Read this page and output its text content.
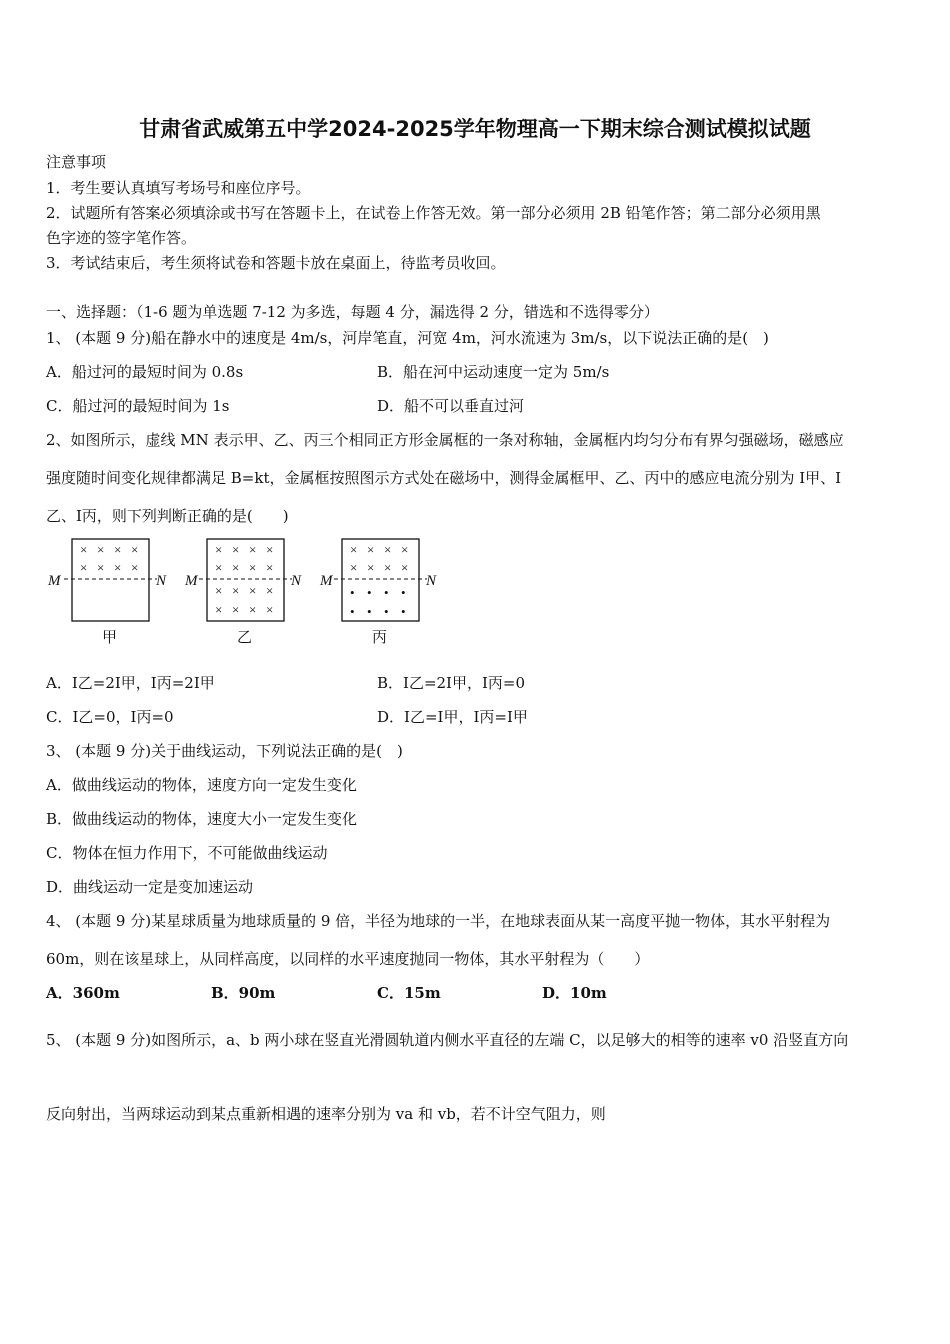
甘肃省武威第五中学2024-2025学年物理高一下期末综合测试模拟试题
注意事项
1．考生要认真填写考场号和座位序号。
2．试题所有答案必须填涂或书写在答题卡上，在试卷上作答无效。第一部分必须用 2B 铅笔作答；第二部分必须用黑
色字迹的签字笔作答。
3．考试结束后，考生须将试卷和答题卡放在桌面上，待监考员收回。
一、选择题：（1-6 题为单选题 7-12 为多选，每题 4 分，漏选得 2 分，错选和不选得零分）
1、 (本题 9 分)船在静水中的速度是 4m/s，河岸笔直，河宽 4m，河水流速为 3m/s，以下说法正确的是(　)
A．船过河的最短时间为 0.8s	B．船在河中运动速度一定为 5m/s
C．船过河的最短时间为 1s	D．船不可以垂直过河
2、如图所示，虚线 MN 表示甲、乙、丙三个相同正方形金属框的一条对称轴，金属框内均匀分布有界匀强磁场，磁感应
强度随时间变化规律都满足 B=kt，金属框按照图示方式处在磁场中，测得金属框甲、乙、丙中的感应电流分别为 I甲、I
乙、I丙，则下列判断正确的是(　　)
M	N M	N M	N
甲	乙	丙
× × × ×
× × × ×
× × × ×
× × × ×
× × × ×
× × × ×
× × × ×
× × × ×
• • • •
• • • •
A．I乙=2I甲，I丙=2I甲	B．I乙=2I甲，I丙=0
C．I乙=0，I丙=0	D．I乙=I甲，I丙=I甲
3、 (本题 9 分)关于曲线运动，下列说法正确的是(　)
A．做曲线运动的物体，速度方向一定发生变化
B．做曲线运动的物体，速度大小一定发生变化
C．物体在恒力作用下，不可能做曲线运动
D．曲线运动一定是变加速运动
4、 (本题 9 分)某星球质量为地球质量的 9 倍，半径为地球的一半，在地球表面从某一高度平抛一物体，其水平射程为
60m，则在该星球上，从同样高度，以同样的水平速度抛同一物体，其水平射程为（　　）
A．360m	B．90m	C．15m	D．10m
5、 (本题 9 分)如图所示，a、b 两小球在竖直光滑圆轨道内侧水平直径的左端 C，以足够大的相等的速率 v0 沿竖直方向
反向射出，当两球运动到某点重新相遇的速率分别为 va 和 vb，若不计空气阻力，则
